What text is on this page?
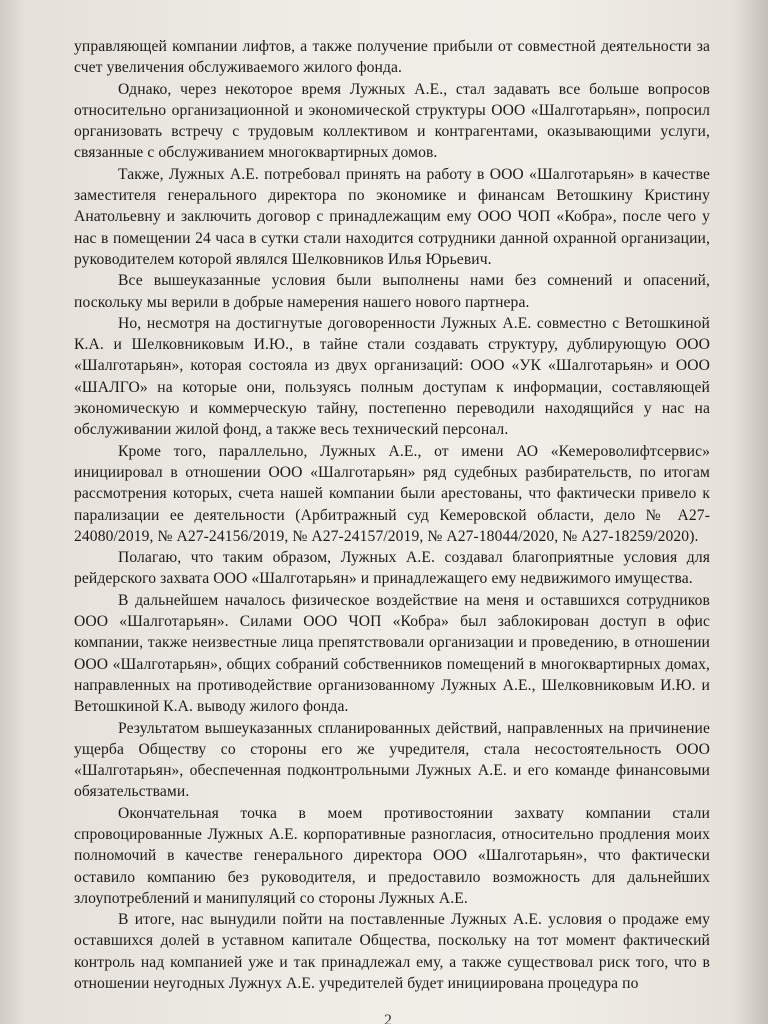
управляющей компании лифтов, а также получение прибыли от совместной деятельности за счет увеличения обслуживаемого жилого фонда.

Однако, через некоторое время Лужных А.Е., стал задавать все больше вопросов относительно организационной и экономической структуры ООО «Шалготарьян», попросил организовать встречу с трудовым коллективом и контрагентами, оказывающими услуги, связанные с обслуживанием многоквартирных домов.

Также, Лужных А.Е. потребовал принять на работу в ООО «Шалготарьян» в качестве заместителя генерального директора по экономике и финансам Ветошкину Кристину Анатольевну и заключить договор с принадлежащим ему ООО ЧОП «Кобра», после чего у нас в помещении 24 часа в сутки стали находится сотрудники данной охранной организации, руководителем которой являлся Шелковников Илья Юрьевич.

Все вышеуказанные условия были выполнены нами без сомнений и опасений, поскольку мы верили в добрые намерения нашего нового партнера.

Но, несмотря на достигнутые договоренности Лужных А.Е. совместно с Ветошкиной К.А. и Шелковниковым И.Ю., в тайне стали создавать структуру, дублирующую ООО «Шалготарьян», которая состояла из двух организаций: ООО «УК «Шалготарьян» и ООО «ШАЛГО» на которые они, пользуясь полным доступам к информации, составляющей экономическую и коммерческую тайну, постепенно переводили находящийся у нас на обслуживании жилой фонд, а также весь технический персонал.

Кроме того, параллельно, Лужных А.Е., от имени АО «Кемероволифтсервис» инициировал в отношении ООО «Шалготарьян» ряд судебных разбирательств, по итогам рассмотрения которых, счета нашей компании были арестованы, что фактически привело к парализации ее деятельности (Арбитражный суд Кемеровской области, дело № А27-24080/2019, № А27-24156/2019, № А27-24157/2019, № А27-18044/2020, № А27-18259/2020).

Полагаю, что таким образом, Лужных А.Е. создавал благоприятные условия для рейдерского захвата ООО «Шалготарьян» и принадлежащего ему недвижимого имущества.

В дальнейшем началось физическое воздействие на меня и оставшихся сотрудников ООО «Шалготарьян». Силами ООО ЧОП «Кобра» был заблокирован доступ в офис компании, также неизвестные лица препятствовали организации и проведению, в отношении ООО «Шалготарьян», общих собраний собственников помещений в многоквартирных домах, направленных на противодействие организованному Лужных А.Е., Шелковниковым И.Ю. и Ветошкиной К.А. выводу жилого фонда.

Результатом вышеуказанных спланированных действий, направленных на причинение ущерба Обществу со стороны его же учредителя, стала несостоятельность ООО «Шалготарьян», обеспеченная подконтрольными Лужных А.Е. и его команде финансовыми обязательствами.

Окончательная точка в моем противостоянии захвату компании стали спровоцированные Лужных А.Е. корпоративные разногласия, относительно продления моих полномочий в качестве генерального директора ООО «Шалготарьян», что фактически оставило компанию без руководителя, и предоставило возможность для дальнейших злоупотреблений и манипуляций со стороны Лужных А.Е.

В итоге, нас вынудили пойти на поставленные Лужных А.Е. условия о продаже ему оставшихся долей в уставном капитале Общества, поскольку на тот момент фактический контроль над компанией уже и так принадлежал ему, а также существовал риск того, что в отношении неугодных Лужнух А.Е. учредителей будет инициирована процедура по

2
